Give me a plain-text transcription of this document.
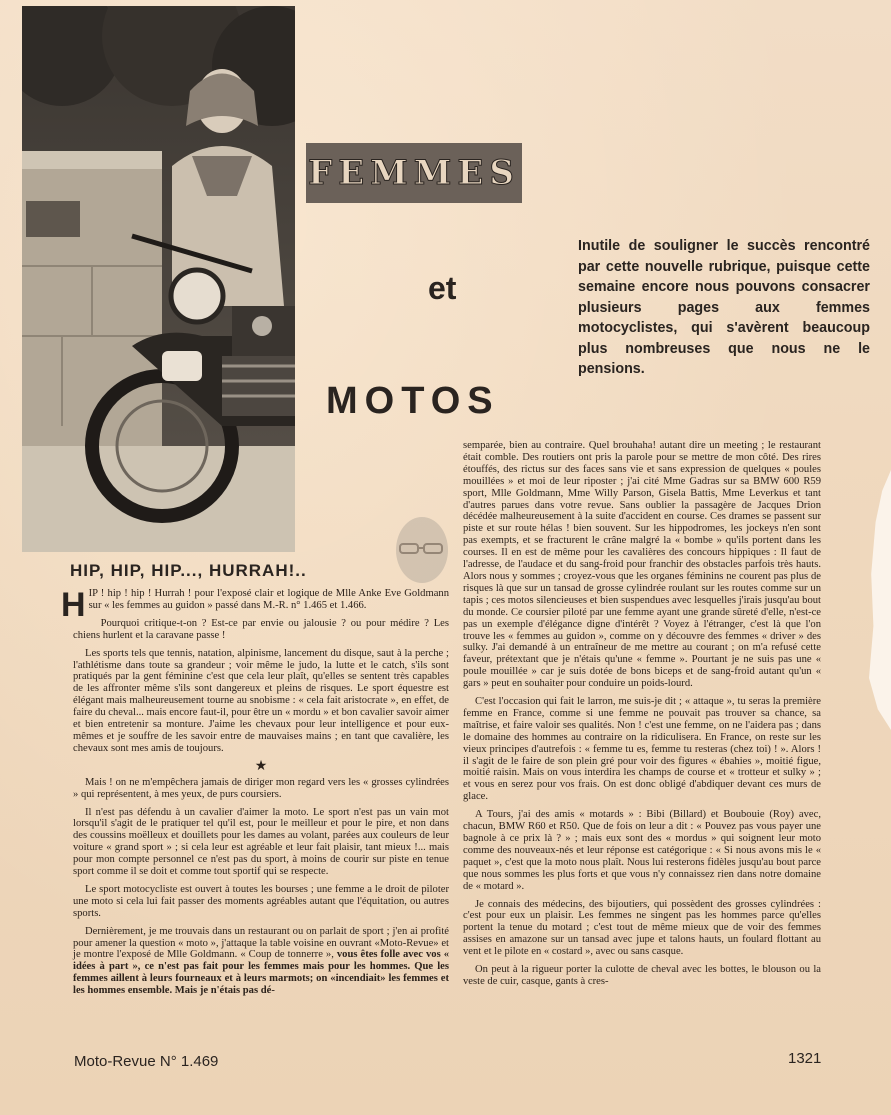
FEMMES
et
MOTOS
Inutile de souligner le succès rencontré par cette nouvelle rubrique, puisque cette semaine encore nous pouvons consacrer plusieurs pages aux femmes motocyclistes, qui s'avèrent beaucoup plus nombreuses que nous ne le pensions.
HIP, HIP, HIP..., HURRAH!..

HIP ! hip ! hip ! Hurrah ! pour l'exposé clair et logique de Mlle Anke Eve Goldmann sur « les femmes au guidon » passé dans M.-R. n° 1.465 et 1.466.

Pourquoi critique-t-on ? Est-ce par envie ou jalousie ? ou pour médire ? Les chiens hurlent et la caravane passe !

Les sports tels que tennis, natation, alpinisme, lancement du disque, saut à la perche ; l'athlétisme dans toute sa grandeur ; voir même le judo, la lutte et le catch, s'ils sont pratiqués par la gent féminine c'est que cela leur plaît, qu'elles se sentent très capables de les affronter même s'ils sont dangereux et pleins de risques. Le sport équestre est élégant mais malheureusement tourne au snobisme : « cela fait aristocrate », en effet, de faire du cheval... mais encore faut-il, pour être un « mordu » et bon cavalier savoir aimer et bien entretenir sa monture. J'aime les chevaux pour leur intelligence et pour eux-mêmes et je souffre de les savoir entre de mauvaises mains ; en tant que cavalière, les chevaux sont mes amis de toujours.

★

Mais ! on ne m'empêchera jamais de diriger mon regard vers les « grosses cylindrées » qui représentent, à mes yeux, de purs coursiers.

Il n'est pas défendu à un cavalier d'aimer la moto. Le sport n'est pas un vain mot lorsqu'il s'agit de le pratiquer tel qu'il est, pour le meilleur et pour le pire, et non dans des coussins moëlleux et douillets pour les dames au volant, parées aux couleurs de leur voiture « grand sport » ; si cela leur est agréable et leur fait plaisir, tant mieux !... mais pour mon compte personnel ce n'est pas du sport, à moins de courir sur piste en tenue sport comme il se doit et comme tout sportif qui se respecte.

Le sport motocycliste est ouvert à toutes les bourses ; une femme a le droit de piloter une moto si cela lui fait passer des moments agréables autant que l'équitation, ou autres sports.

Dernièrement, je me trouvais dans un restaurant ou on parlait de sport ; j'en ai profité pour amener la question « moto », j'attaque la table voisine en ouvrant «Moto-Revue» et je montre l'exposé de Mlle Goldmann. « Coup de tonnerre », vous êtes folle avec vos « idées à part », ce n'est pas fait pour les femmes mais pour les hommes. Que les femmes aillent à leurs fourneaux et à leurs marmots; on «incendiait» les femmes et les hommes ensemble. Mais je n'étais pas dé-

semparée, bien au contraire. Quel brouhaha! autant dire un meeting ; le restaurant était comble. Des routiers ont pris la parole pour se mettre de mon côté. Des rires étouffés, des rictus sur des faces sans vie et sans expression de quelques « poules mouillées » et moi de leur riposter ; j'ai cité Mme Gadras sur sa BMW 600 R59 sport, Mlle Goldmann, Mme Willy Parson, Gisela Battis, Mme Leverkus et tant d'autres parues dans votre revue. Sans oublier la passagère de Jacques Drion décédée malheureusement à la suite d'accident en course. Ces drames se passent sur piste et sur route hélas ! bien souvent. Sur les hippodromes, les jockeys n'en sont pas exempts, et se fracturent le crâne malgré la « bombe » qu'ils portent dans les courses. Il en est de même pour les cavalières des concours hippiques : Il faut de l'adresse, de l'audace et du sang-froid pour franchir des obstacles parfois très hauts. Alors nous y sommes ; croyez-vous que les organes féminins ne courent pas plus de risques là que sur un tansad de grosse cylindrée roulant sur les routes comme sur un tapis ; ces motos silencieuses et bien suspendues avec lesquelles j'irais jusqu'au bout du monde. Ce coursier piloté par une femme ayant une grande sûreté d'elle, n'est-ce pas un exemple d'élégance digne d'intérêt ? Voyez à l'étranger, c'est là que l'on trouve les « femmes au guidon », comme on y découvre des femmes « driver » des sulky. J'ai demandé à un entraîneur de me mettre au courant ; on m'a refusé cette faveur, prétextant que je n'étais qu'une « femme ». Pourtant je ne suis pas une « poule mouillée » car je suis dotée de bons biceps et de sang-froid autant qu'un « gars » peut en souhaiter pour conduire un poids-lourd.

C'est l'occasion qui fait le larron, me suis-je dit ; « attaque », tu seras la première femme en France, comme si une femme ne pouvait pas trouver sa chance, sa maîtrise, et faire valoir ses qualités. Non ! c'est une femme, on ne l'aidera pas ; dans le domaine des hommes au contraire on la ridiculisera. En France, on reste sur les vieux principes d'autrefois : « femme tu es, femme tu resteras (chez toi) ! ». Alors ! il s'agit de le faire de son plein gré pour voir des figures « ébahies », moitié figue, moitié raisin. Mais on vous interdira les champs de course et « trotteur et sulky » ; et vous en serez pour vos frais. On est donc obligé d'abdiquer devant ces murs de glace.

A Tours, j'ai des amis « motards » : Bibi (Billard) et Boubouie (Roy) avec, chacun, BMW R60 et R50. Que de fois on leur a dit : « Pouvez pas vous payer une bagnole à ce prix là ? » ; mais eux sont des « mordus » qui soignent leur moto comme des nouveaux-nés et leur réponse est catégorique : « Si nous avons mis le « paquet », c'est que la moto nous plaît. Nous lui resterons fidèles jusqu'au bout parce que nous sommes les plus forts et que vous n'y connaissez rien dans notre domaine de « motard ».

Je connais des médecins, des bijoutiers, qui possèdent des grosses cylindrées : c'est pour eux un plaisir. Les femmes ne singent pas les hommes parce qu'elles portent la tenue du motard ; c'est tout de même mieux que de voir des femmes assises en amazone sur un tansad avec jupe et talons hauts, un foulard flottant au vent et le pilote en « costard », avec ou sans casque.

On peut à la rigueur porter la culotte de cheval avec les bottes, le blouson ou la veste de cuir, casque, gants à cres-

Moto-Revue N° 1.469	1321
